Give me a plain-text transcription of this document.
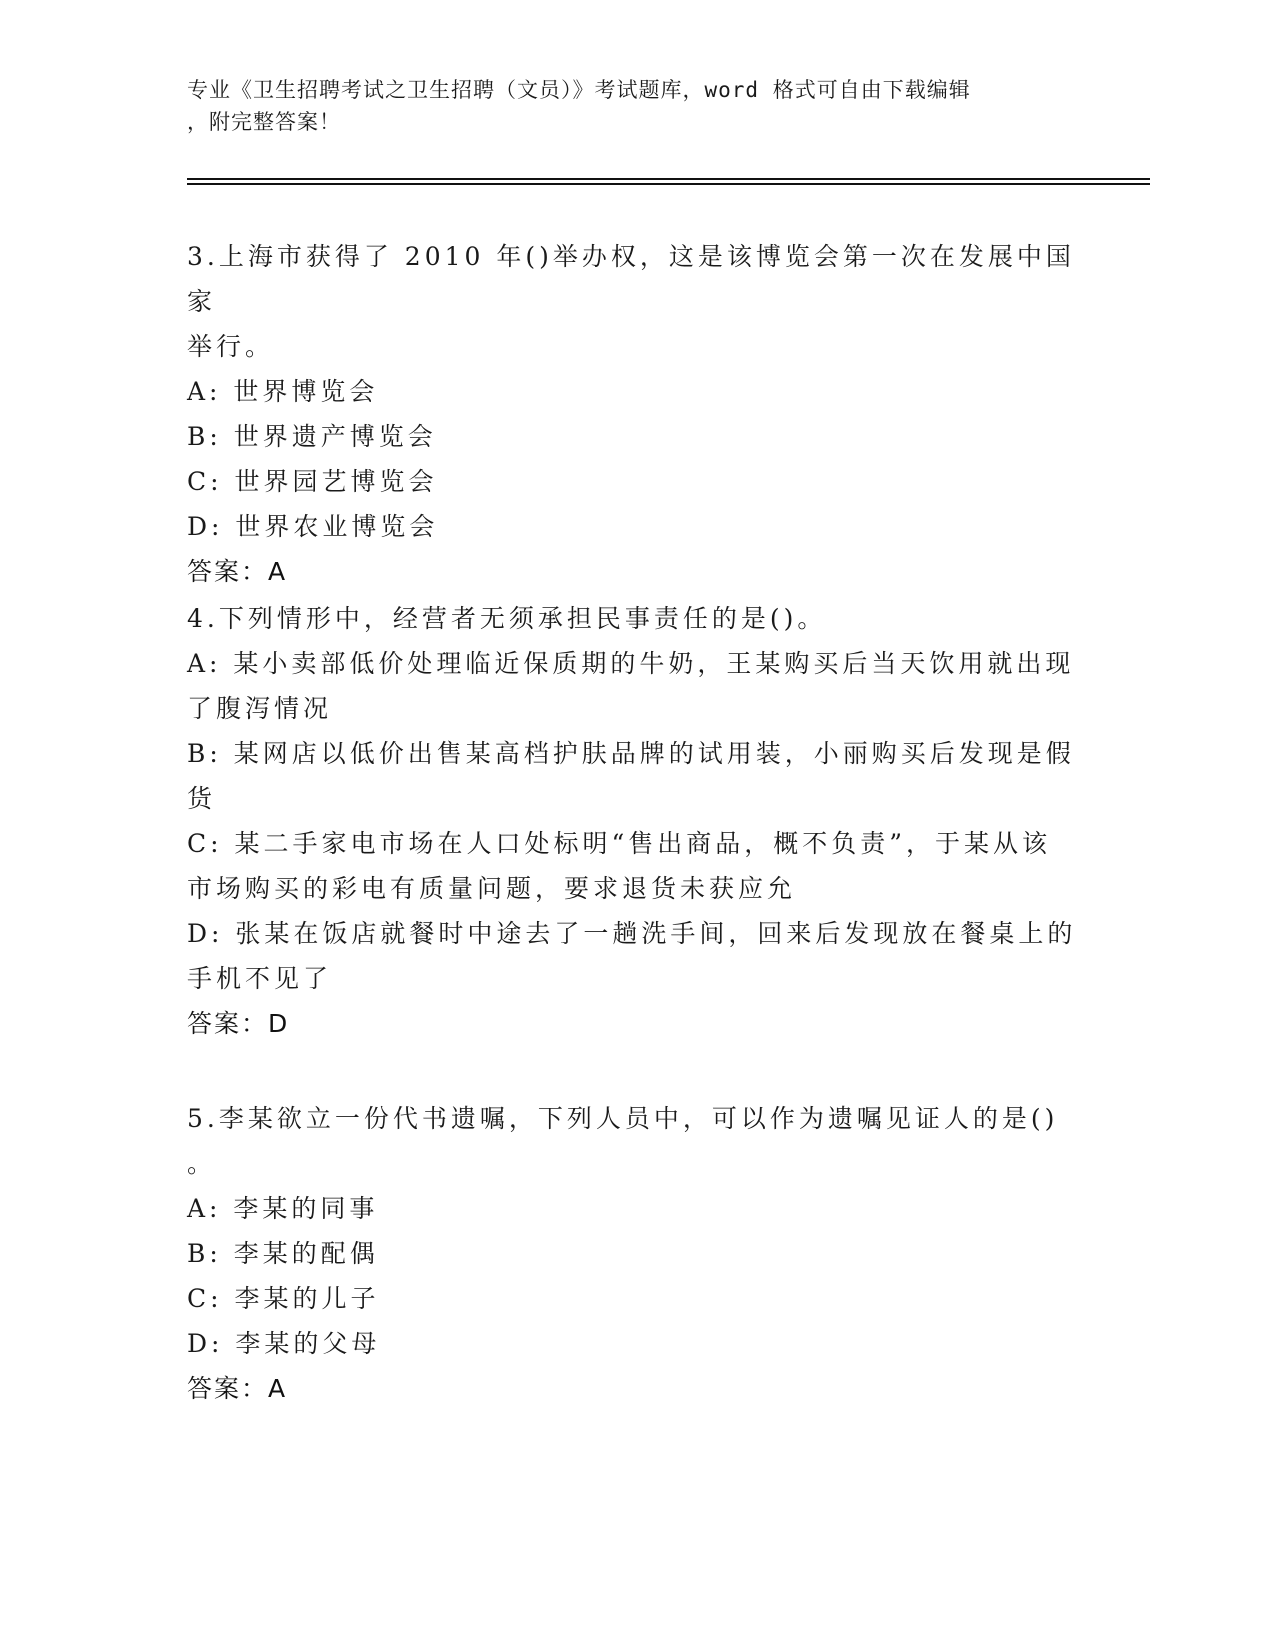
专业《卫生招聘考试之卫生招聘（文员）》考试题库，word 格式可自由下载编辑
，附完整答案！
3.上海市获得了 2010 年()举办权，这是该博览会第一次在发展中国家
举行。
A: 世界博览会
B: 世界遗产博览会
C: 世界园艺博览会
D: 世界农业博览会
答案：A
4.下列情形中，经营者无须承担民事责任的是()。
A: 某小卖部低价处理临近保质期的牛奶，王某购买后当天饮用就出现
了腹泻情况
B: 某网店以低价出售某高档护肤品牌的试用装，小丽购买后发现是假
货
C: 某二手家电市场在人口处标明“售出商品，概不负责”，于某从该
市场购买的彩电有质量问题，要求退货未获应允
D: 张某在饭店就餐时中途去了一趟洗手间，回来后发现放在餐桌上的
手机不见了
答案：D
5.李某欲立一份代书遗嘱，下列人员中，可以作为遗嘱见证人的是()
。
A: 李某的同事
B: 李某的配偶
C: 李某的儿子
D: 李某的父母
答案：A
